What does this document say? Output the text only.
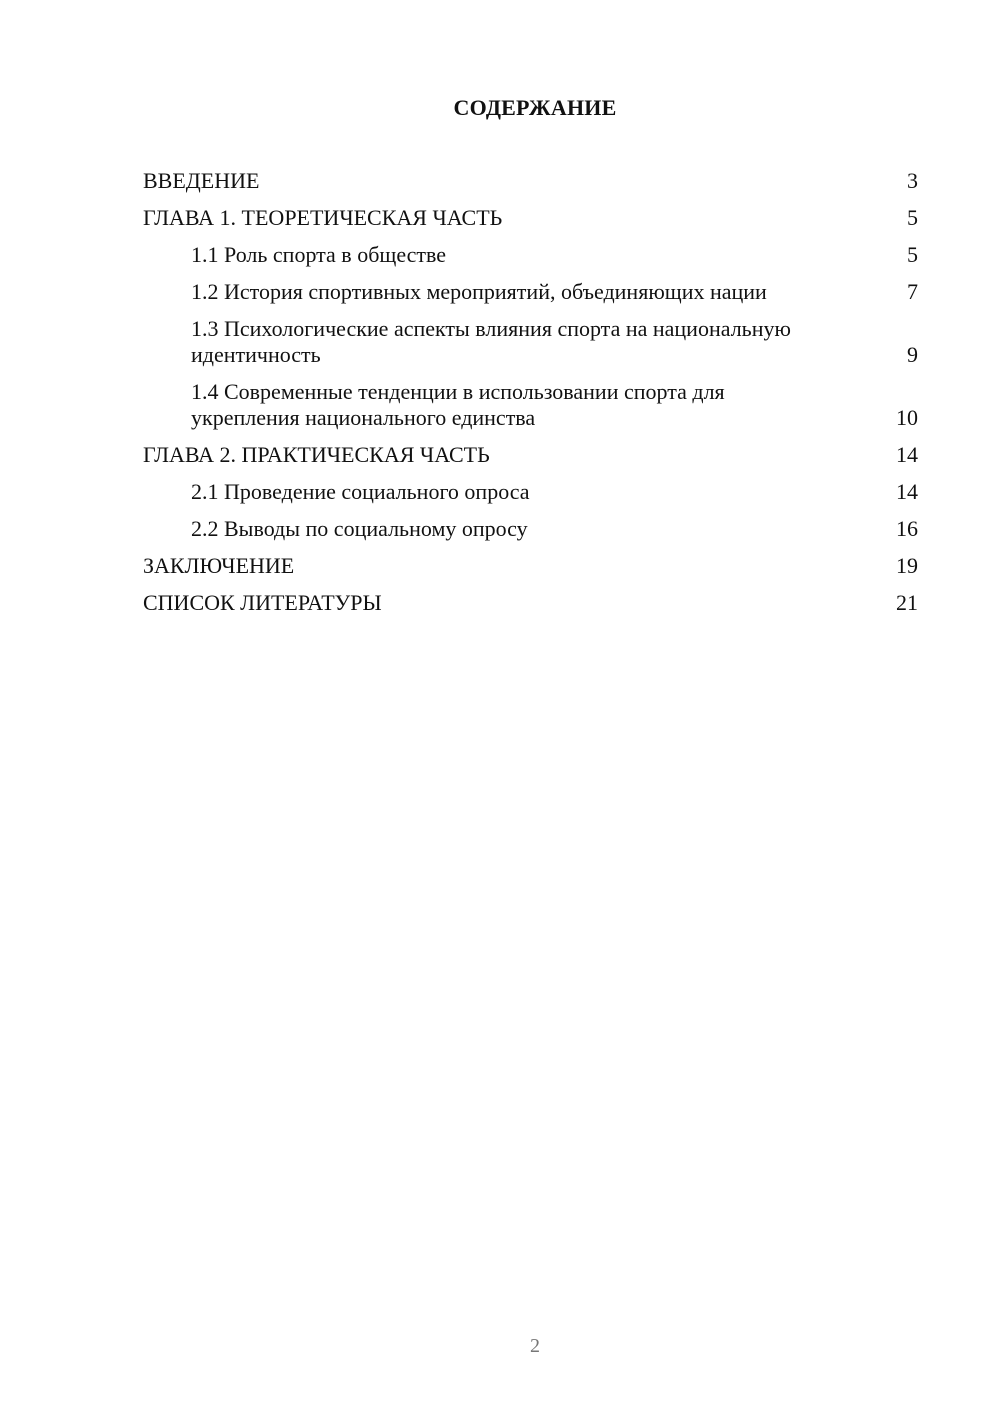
СОДЕРЖАНИЕ
ВВЕДЕНИЕ	3
ГЛАВА 1. ТЕОРЕТИЧЕСКАЯ ЧАСТЬ	5
1.1 Роль спорта в обществе	5
1.2 История спортивных мероприятий, объединяющих нации	7
1.3 Психологические аспекты влияния спорта на национальную идентичность	9
1.4 Современные тенденции в использовании спорта для укрепления национального единства	10
ГЛАВА 2. ПРАКТИЧЕСКАЯ ЧАСТЬ	14
2.1 Проведение социального опроса	14
2.2 Выводы по социальному опросу	16
ЗАКЛЮЧЕНИЕ	19
СПИСОК ЛИТЕРАТУРЫ	21
2
